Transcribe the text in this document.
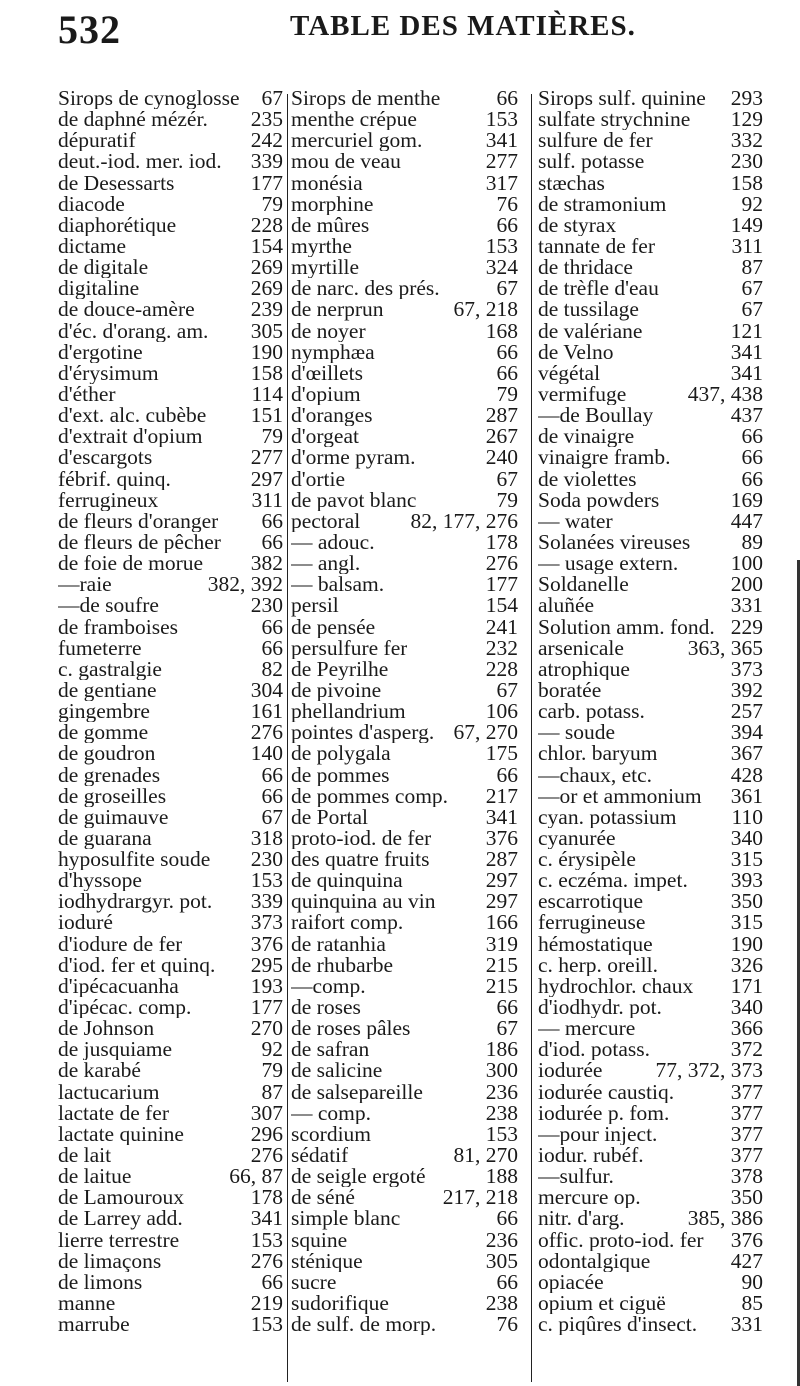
532	TABLE DES MATIÈRES.
Sirops de cynoglosse 67
de daphné mézér. 235
dépuratif	242
deut.-iod. mer. iod. 339
de Desessarts	177
diacode	79
diaphorétique	228
dictame	154
de digitale	269
digitaline	269
de douce-amère	239
d'éc. d'orang. am. 305
d'ergotine	190
d'érysimum	158
d'éther	114
d'ext. alc. cubèbe 151
d'extrait d'opium	79
d'escargots	277
fébrif. quinq.	297
ferrugineux	311
de fleurs d'oranger 66
de fleurs de pêcher 66
de foie de morue 382
—raie	382, 392
—de soufre	230
de framboises	66
fumeterre	66
c. gastralgie	82
de gentiane	304
gingembre	161
de gomme	276
de goudron	140
de grenades	66
de groseilles	66
de guimauve	67
de guarana	318
hyposulfite soude 230
d'hyssope	153
iodhydrargyr. pot. 339
ioduré	373
d'iodure de fer	376
d'iod. fer et quinq. 295
d'ipécacuanha	193
d'ipécac. comp.	177
de Johnson	270
de jusquiame	92
de karabé	79
lactucarium	87
lactate de fer	307
lactate quinine	296
de lait	276
de laitue	66, 87
de Lamouroux	178
de Larrey add.	341
lierre terrestre	153
de limaçons	276
de limons	66
manne	219
marrube	153
Sirops de menthe	66
menthe crépue	153
mercuriel gom.	341
mou de veau	277
monésia	317
morphine	76
de mûres	66
myrthe	153
myrtille	324
de narc. des prés.	67
de nerprun	67, 218
de noyer	168
nymphæa	66
d'œillets	66
d'opium	79
d'oranges	287
d'orgeat	267
d'orme pyram.	240
d'ortie	67
de pavot blanc	79
pectoral 82, 177, 276
— adouc.	178
— angl.	276
— balsam.	177
persil	154
de pensée	241
persulfure fer	232
de Peyrilhe	228
de pivoine	67
phellandrium	106
pointes d'asperg. 67, 270
de polygala	175
de pommes	66
de pommes comp. 217
de Portal	341
proto-iod. de fer	376
des quatre fruits	287
de quinquina	297
quinquina au vin 297
raifort comp.	166
de ratanhia	319
de rhubarbe	215
—comp.	215
de roses	66
de roses pâles	67
de safran	186
de salicine	300
de salsepareille	236
— comp.	238
scordium	153
sédatif	81, 270
de seigle ergoté	188
de séné	217, 218
simple blanc	66
squine	236
sténique	305
sucre	66
sudorifique	238
de sulf. de morp.	76
Sirops sulf. quinine 293
sulfate strychnine 129
sulfure de fer	332
sulf. potasse	230
stæchas	158
de stramonium	92
de styrax	149
tannate de fer	311
de thridace	87
de trèfle d'eau	67
de tussilage	67
de valériane	121
de Velno	341
végétal	341
vermifuge	437, 438
—de Boullay	437
de vinaigre	66
vinaigre framb.	66
de violettes	66
Soda powders	169
— water	447
Solanées vireuses 89
— usage extern. 100
Soldanelle	200
aluñée	331
Solution amm. fond. 229
arsenicale	363, 365
atrophique	373
boratée	392
carb. potass.	257
— soude	394
chlor. baryum	367
—chaux, etc.	428
—or et ammonium 361
cyan. potassium	110
cyanurée	340
c. érysipèle	315
c. eczéma. impet. 393
escarrotique	350
ferrugineuse	315
hémostatique	190
c. herp. oreill.	326
hydrochlor. chaux 171
d'iodhydr. pot.	340
— mercure	366
d'iod. potass.	372
iodurée 77, 372, 373
iodurée caustiq.	377
iodurée p. fom.	377
—pour inject.	377
iodur. rubéf.	377
—sulfur.	378
mercure op.	350
nitr. d'arg.	385, 386
offic. proto-iod. fer 376
odontalgique	427
opiacée	90
opium et ciguë	85
c. piqûres d'insect. 331
